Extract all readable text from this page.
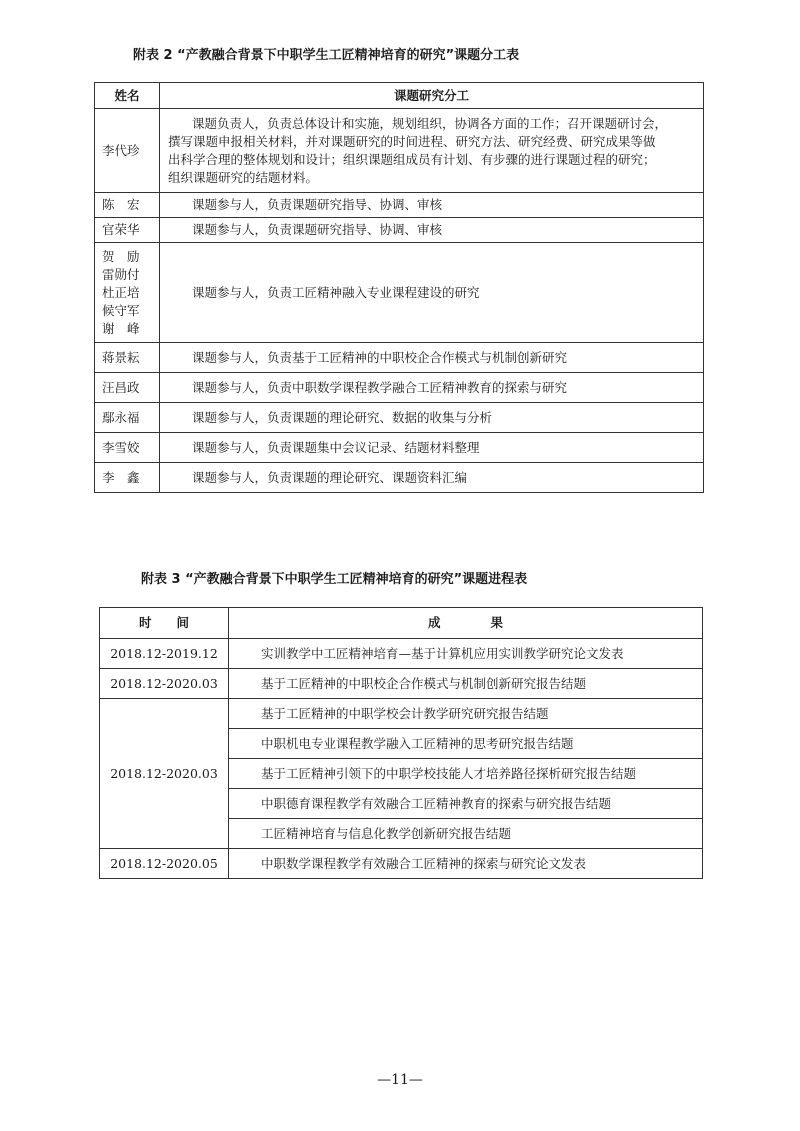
附表 2 “产教融合背景下中职学生工匠精神培育的研究”课题分工表
姓名	课题研究分工

李代珍	课题负责人，负责总体设计和实施，规划组织，协调各方面的工作；召开课题研讨会，
撰写课题申报相关材料，并对课题研究的时间进程、研究方法、研究经费、研究成果等做
出科学合理的整体规划和设计；组织课题组成员有计划、有步骤的进行课题过程的研究；
组织课题研究的结题材料。

陈　宏	课题参与人，负责课题研究指导、协调、审核

官荣华	课题参与人，负责课题研究指导、协调、审核

贺　励
雷勋付
杜正培
候守军
谢　峰	课题参与人，负责工匠精神融入专业课程建设的研究

蒋景耘	课题参与人，负责基于工匠精神的中职校企合作模式与机制创新研究

汪昌政	课题参与人，负责中职数学课程教学融合工匠精神教育的探索与研究

鄢永福	课题参与人，负责课题的理论研究、数据的收集与分析

李雪姣	课题参与人，负责课题集中会议记录、结题材料整理

李　鑫	课题参与人，负责课题的理论研究、课题资料汇编
附表 3 “产教融合背景下中职学生工匠精神培育的研究”课题进程表
时　　间	成　　　　果
2018.12-2019.12	实训教学中工匠精神培育—基于计算机应用实训教学研究论文发表
2018.12-2020.03	基于工匠精神的中职校企合作模式与机制创新研究报告结题
2018.12-2020.03	基于工匠精神的中职学校会计教学研究研究报告结题
	中职机电专业课程教学融入工匠精神的思考研究报告结题
	基于工匠精神引领下的中职学校技能人才培养路径探析研究报告结题
	中职德育课程教学有效融合工匠精神教育的探索与研究报告结题
	工匠精神培育与信息化教学创新研究报告结题
2018.12-2020.05	中职数学课程教学有效融合工匠精神的探索与研究论文发表
—11—
